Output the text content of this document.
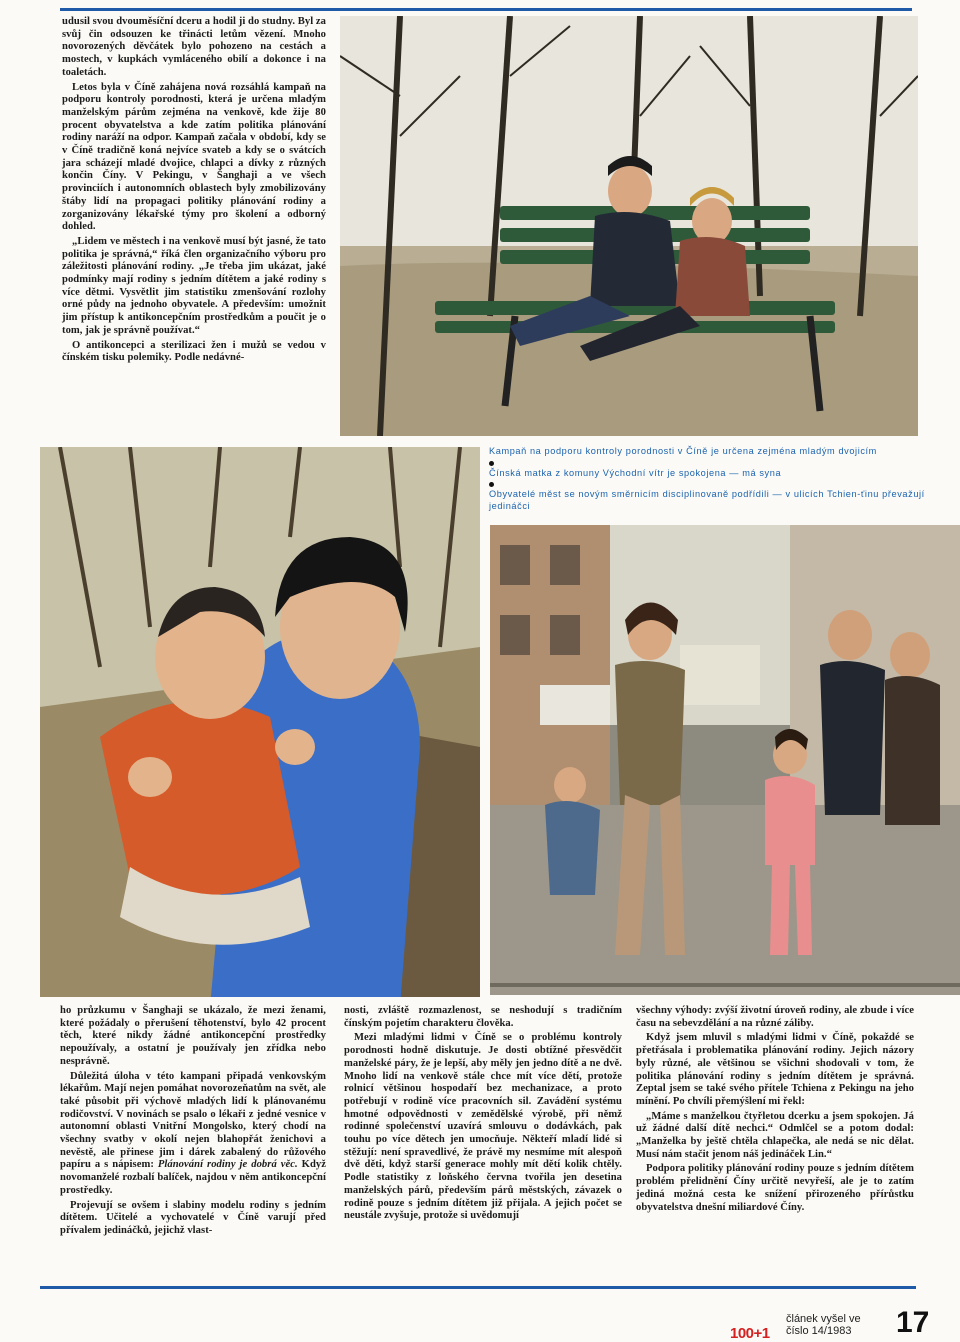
udusil svou dvouměsíční dceru a hodil ji do studny. Byl za svůj čin odsouzen ke třinácti letům vězení. Mnoho novorozených děvčátek bylo pohozeno na cestách a mostech, v kupkách vymláceného obilí a dokonce i na toaletách.

Letos byla v Číně zahájena nová rozsáhlá kampaň na podporu kontroly porodnosti, která je určena mladým manželským párům zejména na venkově, kde žije 80 procent obyvatelstva a kde zatím politika plánování rodiny naráží na odpor. Kampaň začala v období, kdy se v Číně tradičně koná nejvíce svateb a kdy se o svátcích jara scházejí mladé dvojice, chlapci a dívky z různých končin Číny. V Pekingu, v Šanghaji a ve všech provinciích i autonomních oblastech byly zmobilizovány štáby lidí na propagaci politiky plánování rodiny a zorganizovány lékařské týmy pro školení a odborný dohled.

„Lidem ve městech i na venkově musí být jasné, že tato politika je správná,“ říká člen organizačního výboru pro záležitosti plánování rodiny. „Je třeba jim ukázat, jaké podmínky mají rodiny s jedním dítětem a jaké rodiny s více dětmi. Vysvětlit jim statistiku zmenšování rozlohy orné půdy na jednoho obyvatele. A především: umožnit jim přístup k antikoncepčním prostředkům a poučit je o tom, jak je správně používat.“

O antikoncepci a sterilizaci žen i mužů se vedou v čínském tisku polemiky. Podle nedávné-

Kampaň na podporu kontroly porodnosti v Číně je určena zejména mladým dvojicím

Čínská matka z komuny Východní vítr je spokojena — má syna

Obyvatelé měst se novým směrnicím disciplinovaně podřídili — v ulicích Tchien-ťinu převažují jedináčci

ho průzkumu v Šanghaji se ukázalo, že mezi ženami, které požádaly o přerušení těhotenství, bylo 42 procent těch, které nikdy žádné antikoncepční prostředky nepoužívaly, a ostatní je používaly jen zřídka nebo nesprávně.

Důležitá úloha v této kampani připadá venkovským lékařům. Mají nejen pomáhat novorozeňatům na svět, ale také působit při výchově mladých lidí k plánovanému rodičovství. V novinách se psalo o lékaři z jedné vesnice v autonomní oblasti Vnitřní Mongolsko, který chodí na všechny svatby v okolí nejen blahopřát ženichovi a nevěstě, ale přinese jim i dárek zabalený do růžového papíru a s nápisem: Plánování rodiny je dobrá věc. Když novomanželé rozbalí balíček, najdou v něm antikoncepční prostředky.

Projevují se ovšem i slabiny modelu rodiny s jedním dítětem. Učitelé a vychovatelé v Číně varují před přívalem jedináčků, jejichž vlast-

nosti, zvláště rozmazlenost, se neshodují s tradičním čínským pojetím charakteru člověka.

Mezi mladými lidmi v Číně se o problému kontroly porodnosti hodně diskutuje. Je dosti obtížné přesvědčit manželské páry, že je lepší, aby měly jen jedno dítě a ne dvě. Mnoho lidí na venkově stále chce mít více dětí, protože rolnicí většinou hospodaří bez mechanizace, a proto potřebují v rodině více pracovních sil. Zavádění systému hmotné odpovědnosti v zemědělské výrobě, při němž rodinné společenství uzavírá smlouvu o dodávkách, pak touhu po více dětech jen umocňuje. Někteří mladí lidé si stěžují: není spravedlivé, že právě my nesmíme mít alespoň dvě děti, když starší generace mohly mít dětí kolik chtěly. Podle statistiky z loňského června tvořila jen desetina manželských párů, především párů městských, závazek o rodině pouze s jedním dítětem již přijala. A jejich počet se neustále zvyšuje, protože si uvědomují

všechny výhody: zvýší životní úroveň rodiny, ale zbude i více času na sebevzdělání a na různé záliby.

Když jsem mluvil s mladými lidmi v Číně, pokaždé se přetřásala i problematika plánování rodiny. Jejich názory byly různé, ale většinou se všichni shodovali v tom, že politika plánování rodiny s jedním dítětem je správná. Zeptal jsem se také svého přítele Tchiena z Pekingu na jeho mínění. Po chvíli přemýšlení mi řekl:

„Máme s manželkou čtyřletou dcerku a jsem spokojen. Já už žádné další dítě nechci.“ Odmlčel se a potom dodal: „Manželka by ještě chtěla chlapečka, ale nedá se nic dělat. Musí nám stačit jenom náš jedináček Lin.“

Podpora politiky plánování rodiny pouze s jedním dítětem problém přelidnění Číny určitě nevyřeší, ale je to zatím jediná možná cesta ke snížení přirozeného přírůstku obyvatelstva dnešní miliardové Číny.

článek vyšel ve
číslo 14/1983
100+1	17
